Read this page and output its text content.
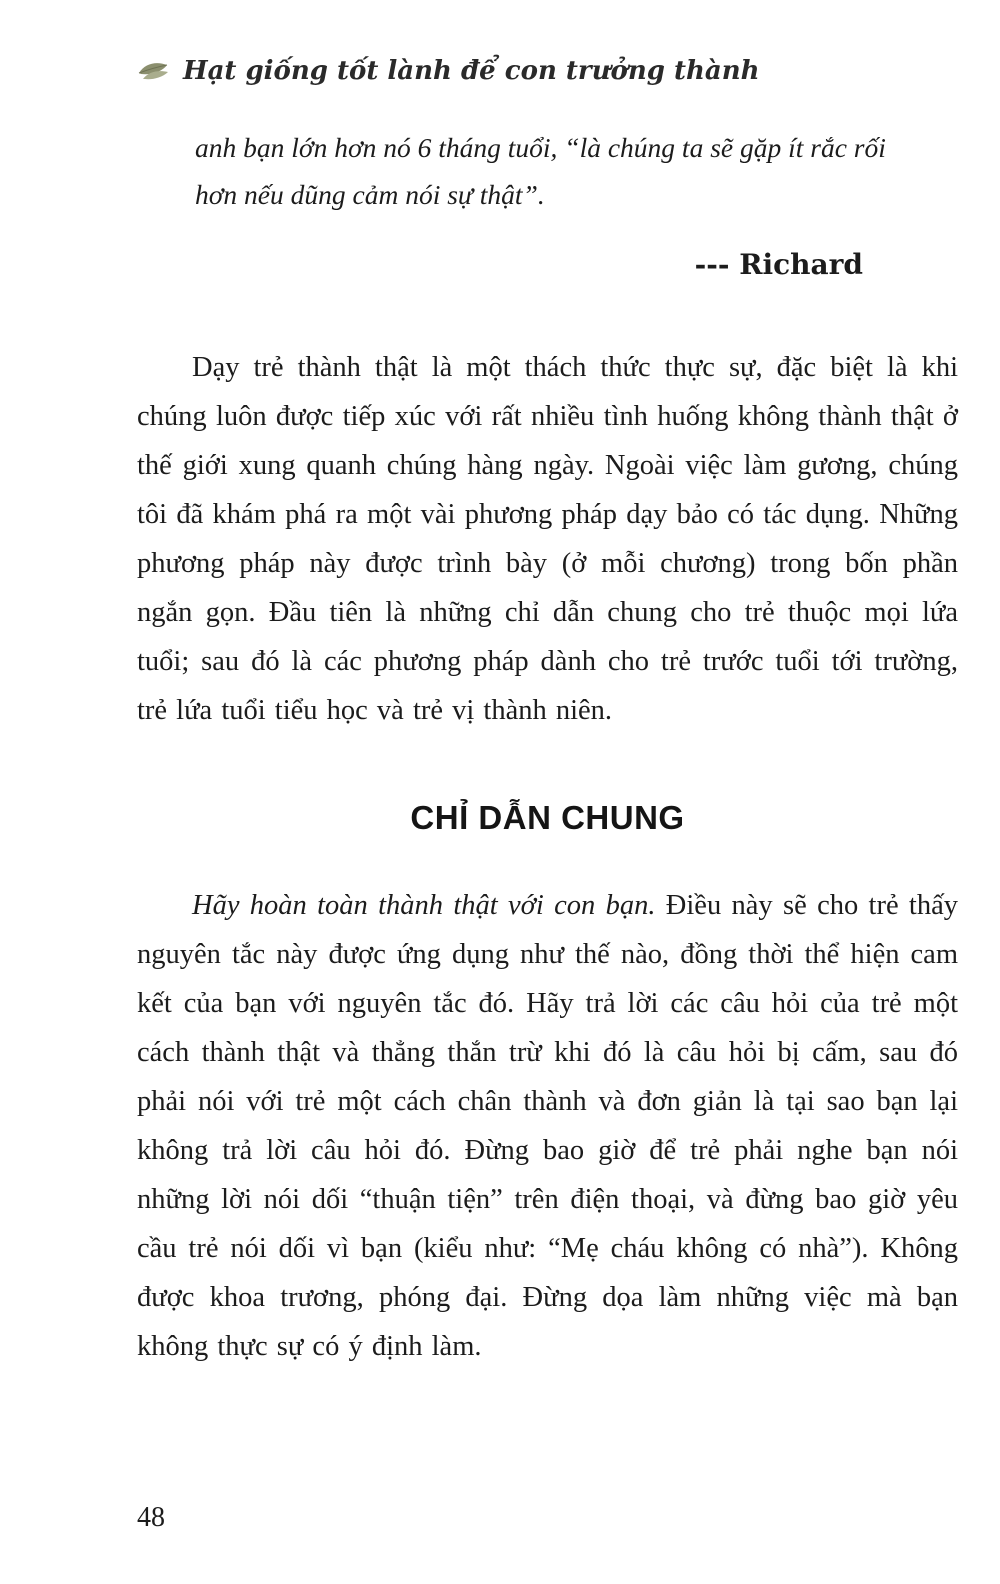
Hạt giống tốt lành để con trưởng thành
anh bạn lớn hơn nó 6 tháng tuổi, “là chúng ta sẽ gặp ít rắc rối hơn nếu dũng cảm nói sự thật”.
--- Richard

Dạy trẻ thành thật là một thách thức thực sự, đặc biệt là khi chúng luôn được tiếp xúc với rất nhiều tình huống không thành thật ở thế giới xung quanh chúng hàng ngày. Ngoài việc làm gương, chúng tôi đã khám phá ra một vài phương pháp dạy bảo có tác dụng. Những phương pháp này được trình bày (ở mỗi chương) trong bốn phần ngắn gọn. Đầu tiên là những chỉ dẫn chung cho trẻ thuộc mọi lứa tuổi; sau đó là các phương pháp dành cho trẻ trước tuổi tới trường, trẻ lứa tuổi tiểu học và trẻ vị thành niên.

CHỈ DẪN CHUNG

Hãy hoàn toàn thành thật với con bạn. Điều này sẽ cho trẻ thấy nguyên tắc này được ứng dụng như thế nào, đồng thời thể hiện cam kết của bạn với nguyên tắc đó. Hãy trả lời các câu hỏi của trẻ một cách thành thật và thẳng thắn trừ khi đó là câu hỏi bị cấm, sau đó phải nói với trẻ một cách chân thành và đơn giản là tại sao bạn lại không trả lời câu hỏi đó. Đừng bao giờ để trẻ phải nghe bạn nói những lời nói dối “thuận tiện” trên điện thoại, và đừng bao giờ yêu cầu trẻ nói dối vì bạn (kiểu như: “Mẹ cháu không có nhà”). Không được khoa trương, phóng đại. Đừng dọa làm những việc mà bạn không thực sự có ý định làm.

48
